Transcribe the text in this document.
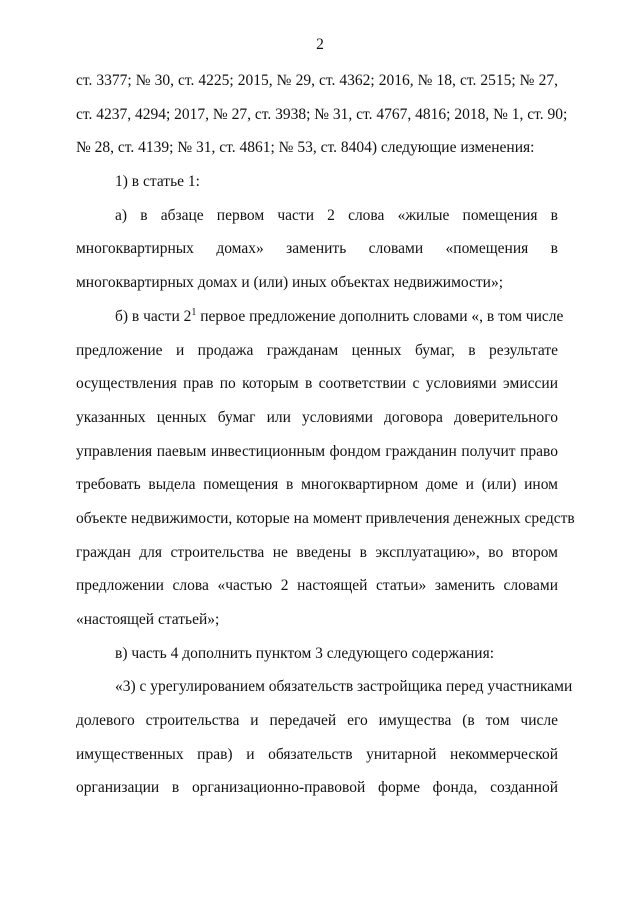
2
ст. 3377; № 30, ст. 4225; 2015, № 29, ст. 4362; 2016, № 18, ст. 2515; № 27,
ст. 4237, 4294; 2017, № 27, ст. 3938; № 31, ст. 4767, 4816; 2018, № 1, ст. 90;
№ 28, ст. 4139; № 31, ст. 4861; № 53, ст. 8404) следующие изменения:
1) в статье 1:
а) в абзаце первом части 2 слова «жилые помещения в
многоквартирных домах» заменить словами «помещения в
многоквартирных домах и (или) иных объектах недвижимости»;
б) в части $2^1$ первое предложение дополнить словами «, в том числе
предложение и продажа гражданам ценных бумаг, в результате
осуществления прав по которым в соответствии с условиями эмиссии
указанных ценных бумаг или условиями договора доверительного
управления паевым инвестиционным фондом гражданин получит право
требовать выдела помещения в многоквартирном доме и (или) ином
объекте недвижимости, которые на момент привлечения денежных средств
граждан для строительства не введены в эксплуатацию», во втором
предложении слова «частью 2 настоящей статьи» заменить словами
«настоящей статьей»;
в) часть 4 дополнить пунктом 3 следующего содержания:
«3) с урегулированием обязательств застройщика перед участниками
долевого строительства и передачей его имущества (в том числе
имущественных прав) и обязательств унитарной некоммерческой
организации в организационно-правовой форме фонда, созданной
